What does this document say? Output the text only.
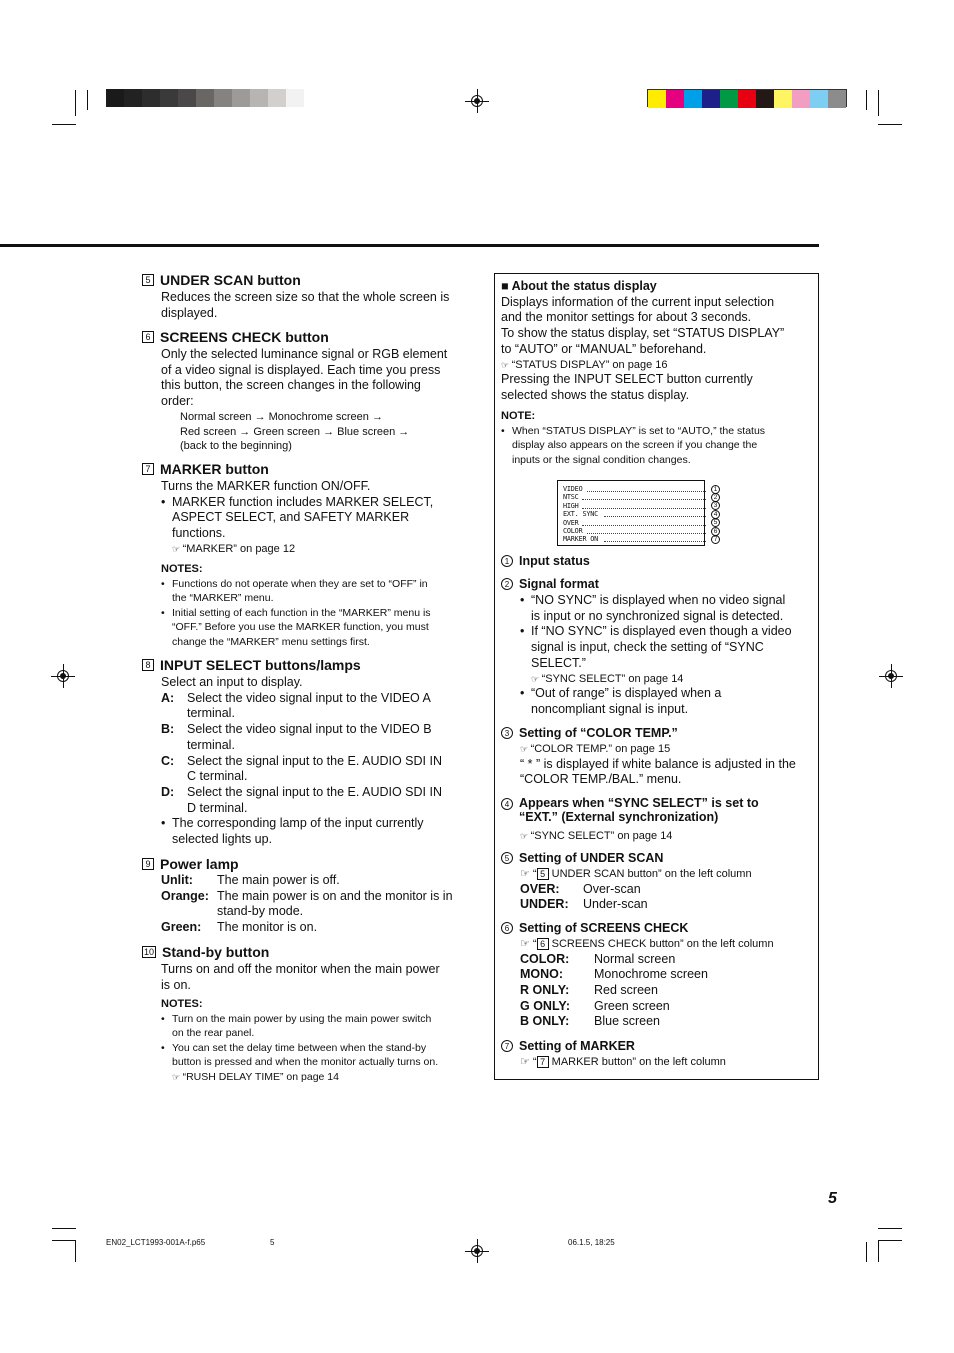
5 UNDER SCAN button
Reduces the screen size so that the whole screen is
displayed.
6 SCREENS CHECK button
Only the selected luminance signal or RGB element
of a video signal is displayed. Each time you press
this button, the screen changes in the following
order:
Normal screen → Monochrome screen →
Red screen → Green screen → Blue screen →
(back to the beginning)
7 MARKER button
Turns the MARKER function ON/OFF.
• MARKER function includes MARKER SELECT,
ASPECT SELECT, and SAFETY MARKER
functions.
☞ “MARKER” on page 12
NOTES:
• Functions do not operate when they are set to “OFF” in
the “MARKER” menu.
• Initial setting of each function in the “MARKER” menu is
“OFF.” Before you use the MARKER function, you must
change the “MARKER” menu settings first.
8 INPUT SELECT buttons/lamps
Select an input to display.
A:	Select the video signal input to the VIDEO A
terminal.
B:	Select the video signal input to the VIDEO B
terminal.
C:	Select the signal input to the E. AUDIO SDI IN
C terminal.
D:	Select the signal input to the E. AUDIO SDI IN
D terminal.
• The corresponding lamp of the input currently
selected lights up.
9 Power lamp
Unlit:	The main power is off.
Orange: The main power is on and the monitor is in
stand-by mode.
Green:	The monitor is on.
10 Stand-by button
Turns on and off the monitor when the main power
is on.
NOTES:
• Turn on the main power by using the main power switch
on the rear panel.
• You can set the delay time between when the stand-by
button is pressed and when the monitor actually turns on.
☞ “RUSH DELAY TIME” on page 14
■ About the status display
Displays information of the current input selection
and the monitor settings for about 3 seconds.
To show the status display, set “STATUS DISPLAY”
to “AUTO” or “MANUAL” beforehand.
☞ “STATUS DISPLAY” on page 16
Pressing the INPUT SELECT button currently
selected shows the status display.
NOTE:
• When “STATUS DISPLAY” is set to “AUTO,” the status
display also appears on the screen if you change the
inputs or the signal condition changes.
VIDEO	1
NTSC	2
HIGH	3
EXT. SYNC	4
OVER	5
COLOR	6
MARKER ON	7
1 Input status
2 Signal format
• “NO SYNC” is displayed when no video signal
is input or no synchronized signal is detected.
• If “NO SYNC” is displayed even though a video
signal is input, check the setting of “SYNC
SELECT.”
☞ “SYNC SELECT” on page 14
• “Out of range” is displayed when a
noncompliant signal is input.
3 Setting of “COLOR TEMP.”
☞ “COLOR TEMP.” on page 15
“ * ” is displayed if white balance is adjusted in the
“COLOR TEMP./BAL.” menu.
4 Appears when “SYNC SELECT” is set to
“EXT.” (External synchronization)
☞ “SYNC SELECT” on page 14
5 Setting of UNDER SCAN
☞ “ 5 UNDER SCAN button” on the left column
OVER:	Over-scan
UNDER:	Under-scan
6 Setting of SCREENS CHECK
☞ “ 6 SCREENS CHECK button” on the left column
COLOR:	Normal screen
MONO:	Monochrome screen
R ONLY:	Red screen
G ONLY:	Green screen
B ONLY:	Blue screen
7 Setting of MARKER
☞ “ 7 MARKER button” on the left column
5
EN02_LCT1993-001A-f.p65	5	06.1.5, 18:25
